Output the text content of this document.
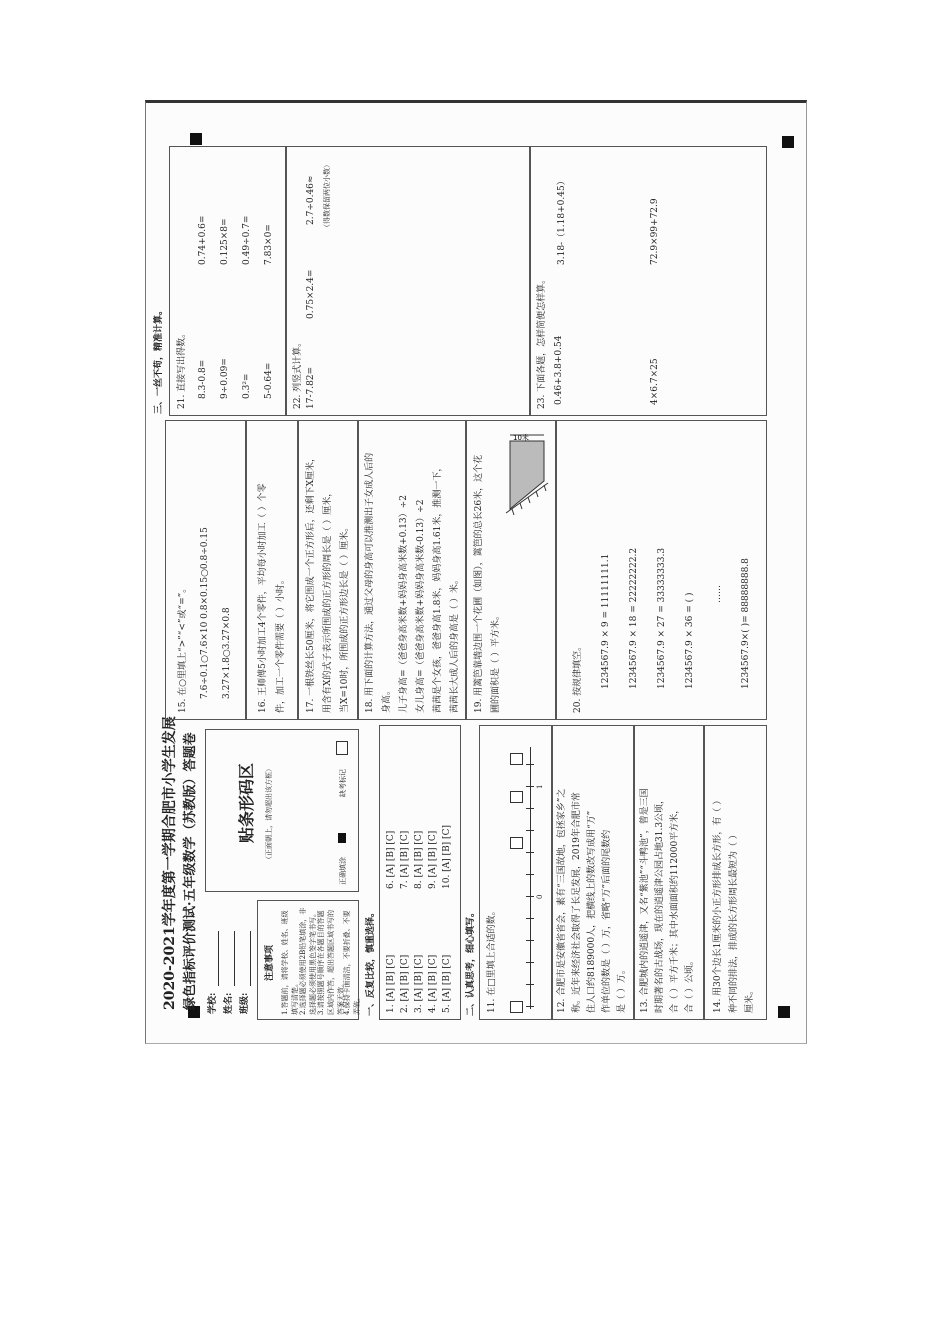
2020-2021学年度第一学期合肥市小学生发展 绿色指标评价测试·五年级数学（苏教版）答题卷	学校: 姓名: 班级:
注意事项 1.答题前，请将学校、姓名、班级填写清楚。 2.选择题必须使用2B铅笔填涂，非选择题必须使用黑色签字笔书写。 3.请按照题号顺序在各题目的答题区域内作答，超出答题区域书写的答案无效。
4.保持卡面清洁，不要折叠、不要弄破。
贴条形码区 （正面朝上，请勿超出该方框）
正确填涂
缺考标记
一、反复比较，慎重选择。 1. [A] [B] [C] 2. [A] [B] [C] 3. [A] [B] [C] 4. [A] [B] [C] 5. [A] [B] [C]
6. [A] [B] [C] 7. [A] [B] [C] 8. [A] [B] [C] 9. [A] [B] [C] 10. [A] [B] [C]
二、认真思考，细心填写。	11. 在□里填上合适的数。
0
1
12. 合肥市是安徽省省会，素有“三国故地，包拯家乡”之 称。近年来经济社会取得了长足发展，2019年合肥市常 住人口约8189000人，把横线上的数改写成用“万” 作单位的数是（ ）万，省略“万”后面的尾数约 是（ ）万。	13. 合肥城内的逍遥津，又名“紫池”“斗鸭池”，曾是三国 时期著名的古战场，现在的逍遥津公园占地31.3公顷， 合（ ）平方千米；其中水面面积约112000平方米， 合（ ）公顷。	14. 用30个边长1厘米的小正方形排成长方形，有（ ） 种不同的排法，排成的长方形周长最短为（ ） 厘米。
15. 在○里填上“>”“<”或“=”。	7.6÷0.1○7.6×10 0.8×0.15○0.8÷0.15	3.27×1.8○3.27×0.8	16. 王师傅5小时加工4个零件，平均每小时加工（ ）个零 件，加工一个零件需要（ ）小时。	17. 一根铁丝长50厘米，将它围成一个正方形后，还剩下X厘米， 用含有X的式子表示所围成的正方形的周长是（ ）厘米， 当X=10时，所围成的正方形边长是（ ）厘米。	18. 用下面的计算方法，通过父母的身高可以推测出子女成人后的 身高。 儿子身高=（爸爸身高米数+妈妈身高米数+0.13）÷2 女儿身高=（爸爸身高米数+妈妈身高米数-0.13）÷2 茜茜是个女孩，爸爸身高1.8米，妈妈身高1.61米，推测一下， 茜茜长大成人后的身高是（ ）米。	19. 用篱笆靠墙边围一个花圃（如图），篱笆的总长26米，这个花 圃的面积是（ ）平方米。
10米
20. 按规律填空。	1234567.9 × 9 = 11111111.1	1234567.9 × 18 = 22222222.2	1234567.9 × 27 = 33333333.3	1234567.9 × 36 = ( )	……	1234567.9×( )= 88888888.8
三、一丝不苟，精准计算。	21. 直接写出得数。	8.3-0.8=	9÷0.09=	0.3²=	5-0.64=
0.74+0.6=	0.125×8=	0.49÷0.7=	7.83×0=
22. 列竖式计算。 17-7.82=
0.75×2.4=
2.7÷0.46≈ （得数保留两位小数）
23. 下面各题，怎样简便怎样算。 0.46+3.8+0.54	4×6.7×25
3.18-（1.18+0.45）	72.9×99+72.9
